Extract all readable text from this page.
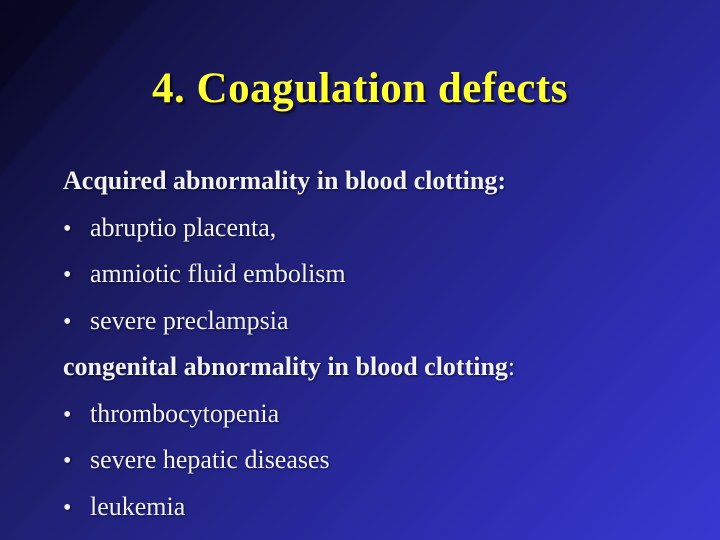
4. Coagulation defects
Acquired abnormality in blood clotting:
• abruptio placenta,
• amniotic fluid embolism
• severe preclampsia
congenital abnormality in blood clotting:
• thrombocytopenia
• severe hepatic diseases
• leukemia
